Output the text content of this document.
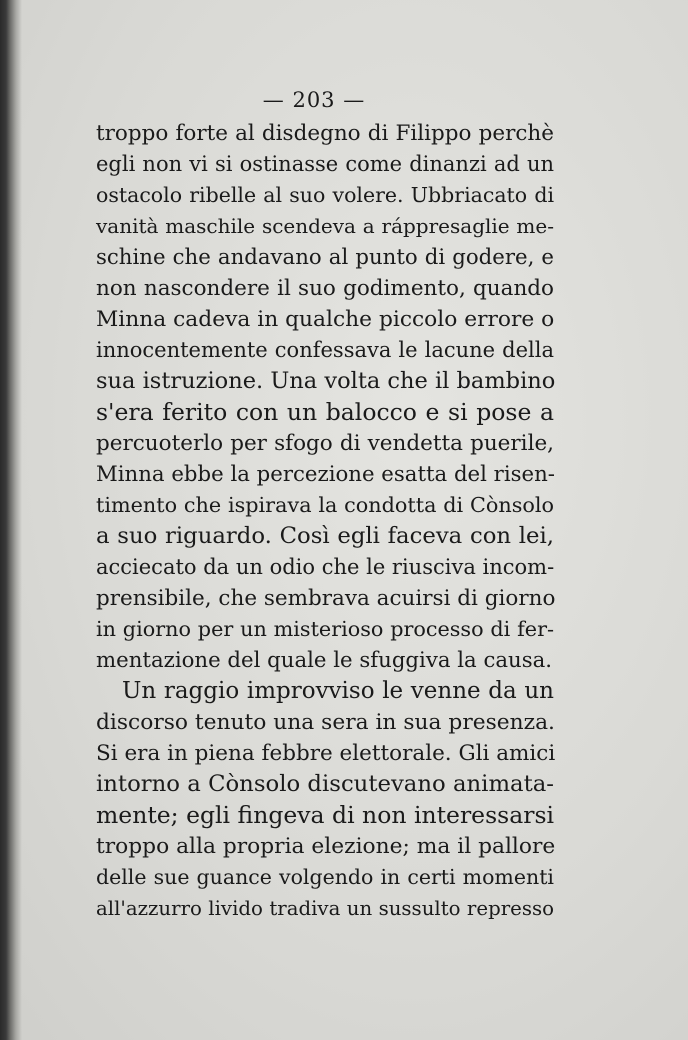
— 203 —
troppo forte al disdegno di Filippo perchè
egli non vi si ostinasse come dinanzi ad un
ostacolo ribelle al suo volere. Ubbriacato di
vanità maschile scendeva a ráppresaglie me-
schine che andavano al punto di godere, e
non nascondere il suo godimento, quando
Minna cadeva in qualche piccolo errore o
innocentemente confessava le lacune della
sua istruzione. Una volta che il bambino
s'era ferito con un balocco e si pose a
percuoterlo per sfogo di vendetta puerile,
Minna ebbe la percezione esatta del risen-
timento che ispirava la condotta di Cònsolo
a suo riguardo. Così egli faceva con lei,
acciecato da un odio che le riusciva incom-
prensibile, che sembrava acuirsi di giorno
in giorno per un misterioso processo di fer-
mentazione del quale le sfuggiva la causa.
Un raggio improvviso le venne da un
discorso tenuto una sera in sua presenza.
Si era in piena febbre elettorale. Gli amici
intorno a Cònsolo discutevano animata-
mente; egli fingeva di non interessarsi
troppo alla propria elezione; ma il pallore
delle sue guance volgendo in certi momenti
all'azzurro livido tradiva un sussulto represso
